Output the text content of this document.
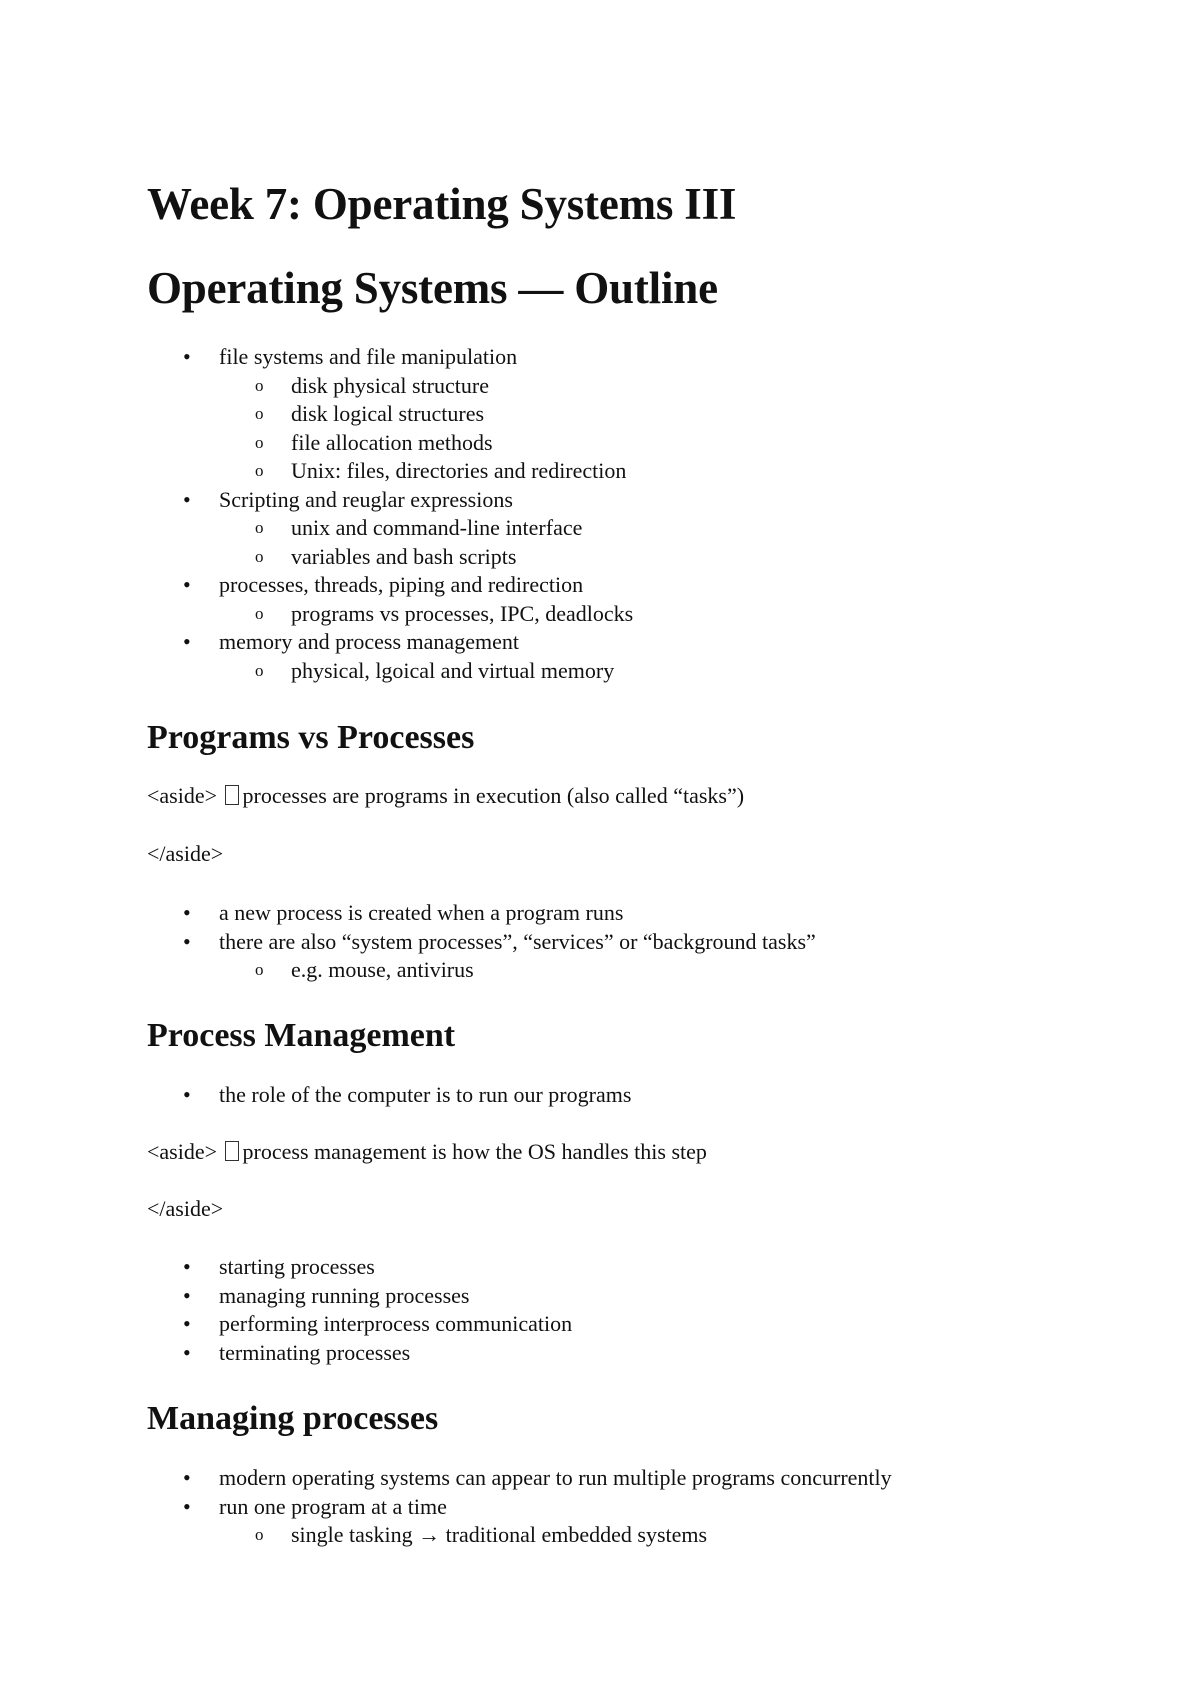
Week 7: Operating Systems III
Operating Systems — Outline
• file systems and file manipulation
o disk physical structure
o disk logical structures
o file allocation methods
o Unix: files, directories and redirection
• Scripting and reuglar expressions
o unix and command-line interface
o variables and bash scripts
• processes, threads, piping and redirection
o programs vs processes, IPC, deadlocks
• memory and process management
o physical, lgoical and virtual memory
Programs vs Processes
<aside> processes are programs in execution (also called “tasks”)
</aside>
• a new process is created when a program runs
• there are also “system processes”, “services” or “background tasks”
o e.g. mouse, antivirus
Process Management
• the role of the computer is to run our programs
<aside> process management is how the OS handles this step
</aside>
• starting processes
• managing running processes
• performing interprocess communication
• terminating processes
Managing processes
• modern operating systems can appear to run multiple programs concurrently
• run one program at a time
o single tasking → traditional embedded systems
